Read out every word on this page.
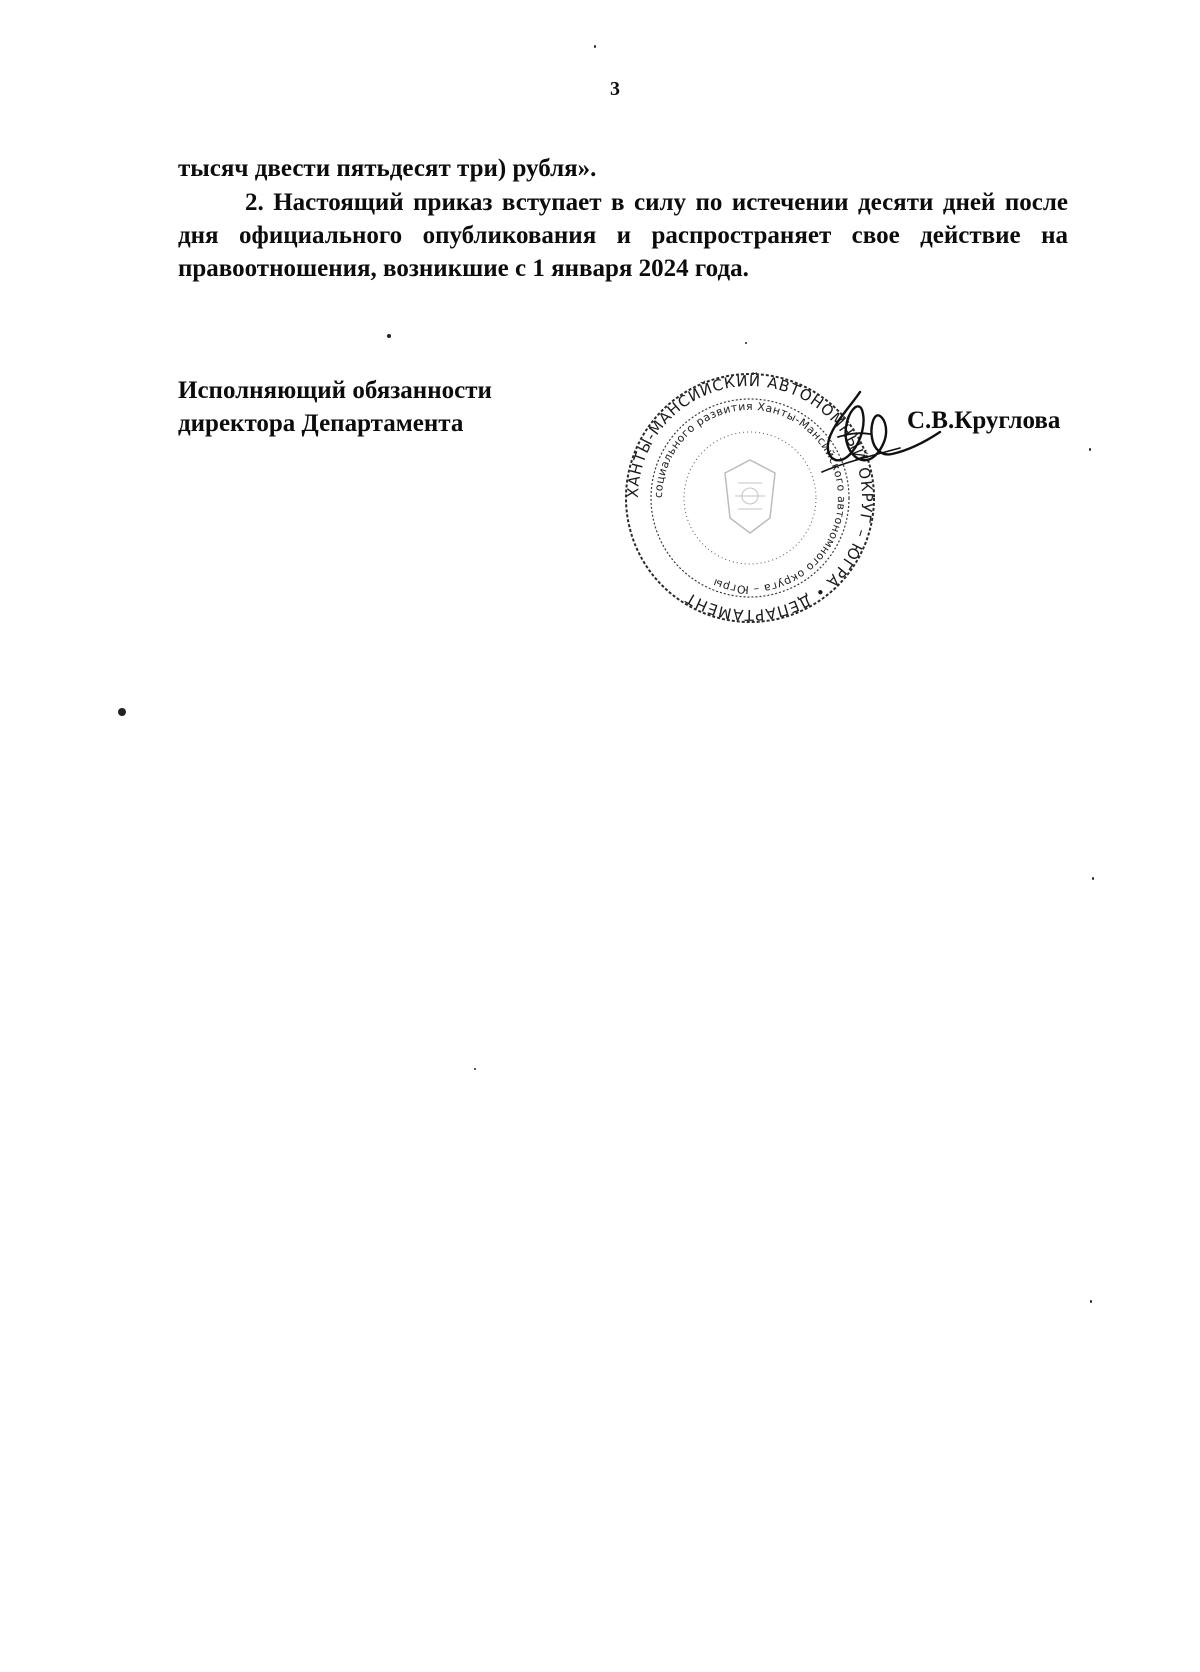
3
тысяч двести пятьдесят три) рубля».
2. Настоящий приказ вступает в силу по истечении десяти дней после дня официального опубликования и распространяет свое действие на правоотношения, возникшие с 1 января 2024 года.
Исполняющий обязанности
директора Департамента
ХАНТЫ-МАНСИЙСКИЙ АВТОНОМНЫЙ ОКРУГ – ЮГРА • ДЕПАРТАМЕНТ
социального развития Ханты-Мансийского автономного округа – Югры
С.В.Круглова
